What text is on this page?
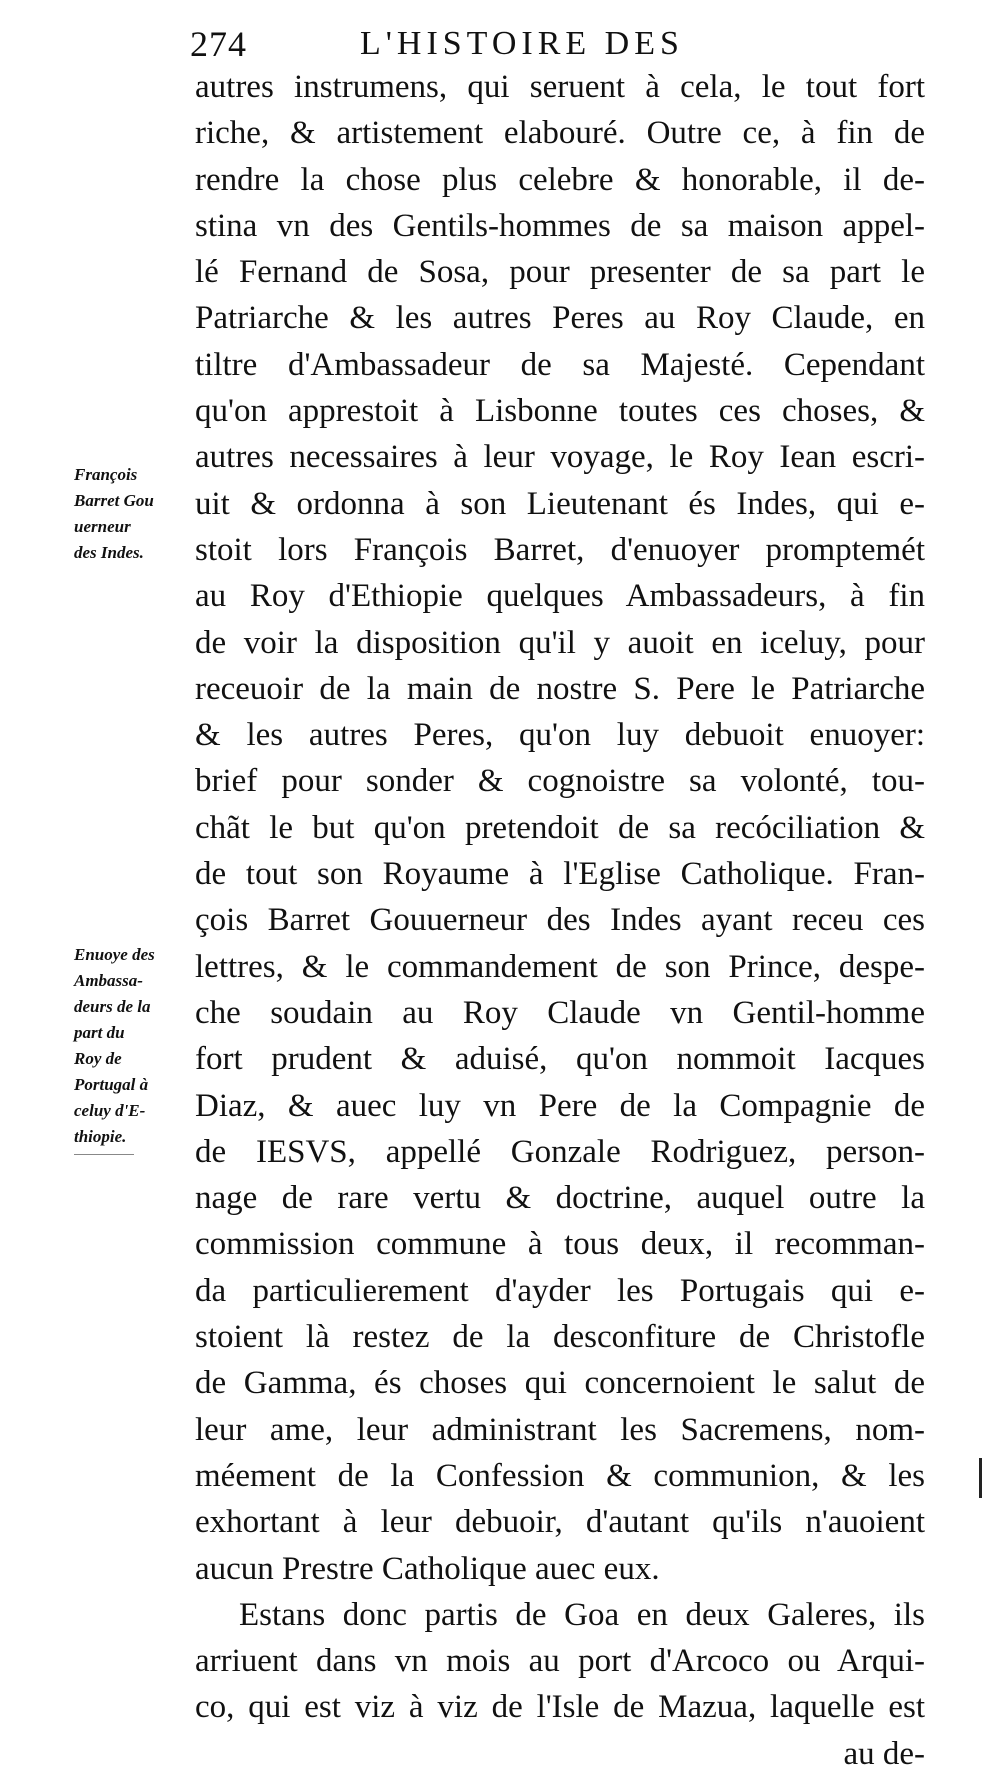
274	L'HISTOIRE DES
François
Barret Gou
uerneur
des Indes.
Enuoye des
Ambassa-
deurs de la
part du
Roy de
Portugal à
celuy d'E-
thiopie.
autres instrumens, qui seruent à cela, le tout fort
riche, & artistement elabouré. Outre ce, à fin de
rendre la chose plus celebre & honorable, il de-
stina vn des Gentils-hommes de sa maison appel-
lé Fernand de Sosa, pour presenter de sa part le
Patriarche & les autres Peres au Roy Claude, en
tiltre d'Ambassadeur de sa Majesté. Cependant
qu'on apprestoit à Lisbonne toutes ces choses, &
autres necessaires à leur voyage, le Roy Iean escri-
uit & ordonna à son Lieutenant és Indes, qui e-
stoit lors François Barret, d'enuoyer promptemét
au Roy d'Ethiopie quelques Ambassadeurs, à fin
de voir la disposition qu'il y auoit en iceluy, pour
receuoir de la main de nostre S. Pere le Patriarche
& les autres Peres, qu'on luy debuoit enuoyer:
brief pour sonder & cognoistre sa volonté, tou-
chãt le but qu'on pretendoit de sa recóciliation &
de tout son Royaume à l'Eglise Catholique. Fran-
çois Barret Gouuerneur des Indes ayant receu ces
lettres, & le commandement de son Prince, despe-
che soudain au Roy Claude vn Gentil-homme
fort prudent & aduisé, qu'on nommoit Iacques
Diaz, & auec luy vn Pere de la Compagnie de
de IESVS, appellé Gonzale Rodriguez, person-
nage de rare vertu & doctrine, auquel outre la
commission commune à tous deux, il recomman-
da particulierement d'ayder les Portugais qui e-
stoient là restez de la desconfiture de Christofle
de Gamma, és choses qui concernoient le salut de
leur ame, leur administrant les Sacremens, nom-
méement de la Confession & communion, & les
exhortant à leur debuoir, d'autant qu'ils n'auoient
aucun Prestre Catholique auec eux.
Estans donc partis de Goa en deux Galeres, ils
arriuent dans vn mois au port d'Arcoco ou Arqui-
co, qui est viz à viz de l'Isle de Mazua, laquelle est
au de-
